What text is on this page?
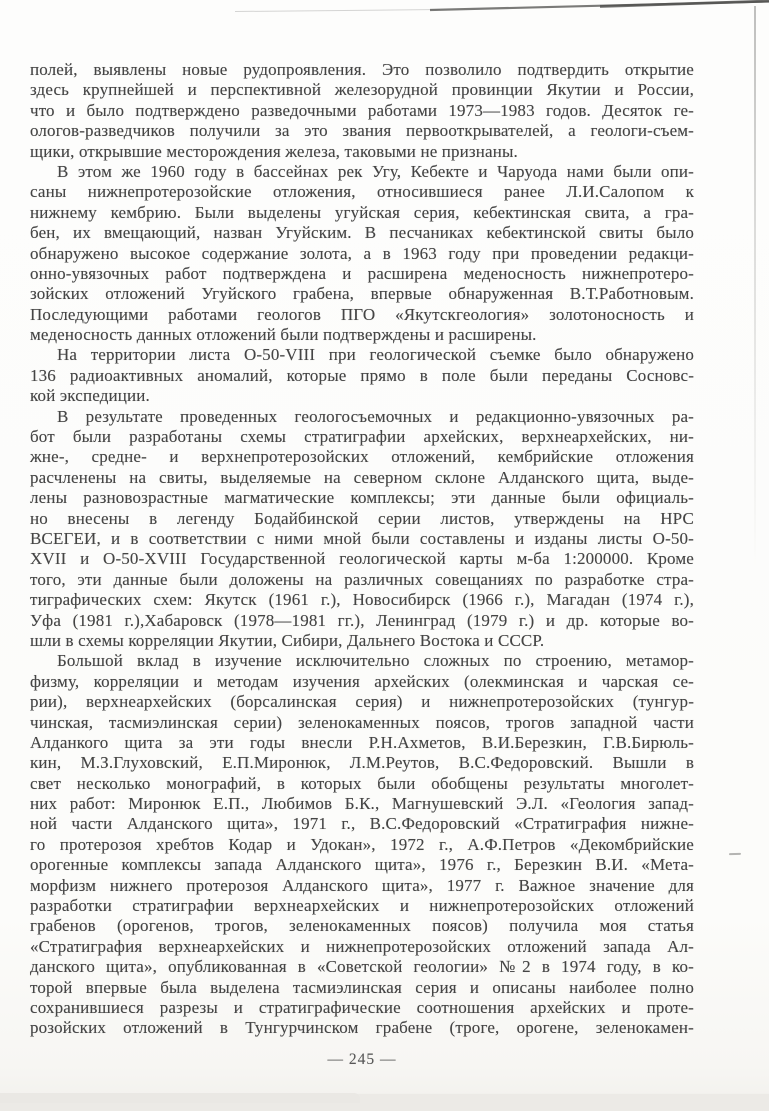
полей, выявлены новые рудопроявления. Это позволило подтвердить открытие
здесь крупнейшей и перспективной железорудной провинции Якутии и России,
что и было подтверждено разведочными работами 1973—1983 годов. Десяток ге-
ологов-разведчиков получили за это звания первооткрывателей, а геологи-съем-
щики, открывшие месторождения железа, таковыми не признаны.
В этом же 1960 году в бассейнах рек Угу, Кебекте и Чаруода нами были опи-
саны нижнепротерозойские отложения, относившиеся ранее Л.И.Салопом к
нижнему кембрию. Были выделены угуйская серия, кебектинская свита, а гра-
бен, их вмещающий, назван Угуйским. В песчаниках кебектинской свиты было
обнаружено высокое содержание золота, а в 1963 году при проведении редакци-
онно-увязочных работ подтверждена и расширена меденосность нижнепротеро-
зойских отложений Угуйского грабена, впервые обнаруженная В.Т.Работновым.
Последующими работами геологов ПГО «Якутскгеология» золотоносность и
меденосность данных отложений были подтверждены и расширены.
На территории листа О-50-VIII при геологической съемке было обнаружено
136 радиоактивных аномалий, которые прямо в поле были переданы Сосновс-
кой экспедиции.
В результате проведенных геологосъемочных и редакционно-увязочных ра-
бот были разработаны схемы стратиграфии архейских, верхнеархейских, ни-
жне-, средне- и верхнепротерозойских отложений, кембрийские отложения
расчленены на свиты, выделяемые на северном склоне Алданского щита, выде-
лены разновозрастные магматические комплексы; эти данные были официаль-
но внесены в легенду Бодайбинской серии листов, утверждены на НРС
ВСЕГЕИ, и в соответствии с ними мной были составлены и изданы листы О-50-
XVII и О-50-XVIII Государственной геологической карты м-ба 1:200000. Кроме
того, эти данные были доложены на различных совещаниях по разработке стра-
тиграфических схем: Якутск (1961 г.), Новосибирск (1966 г.), Магадан (1974 г.),
Уфа (1981 г.),Хабаровск (1978—1981 гг.), Ленинград (1979 г.) и др. которые во-
шли в схемы корреляции Якутии, Сибири, Дальнего Востока и СССР.
Большой вклад в изучение исключительно сложных по строению, метамор-
физму, корреляции и методам изучения архейских (олекминская и чарская се-
рии), верхнеархейских (борсалинская серия) и нижнепротерозойских (тунгур-
чинская, тасмиэлинская серии) зеленокаменных поясов, трогов западной части
Алданкого щита за эти годы внесли Р.Н.Ахметов, В.И.Березкин, Г.В.Бирюль-
кин, М.З.Глуховский, Е.П.Миронюк, Л.М.Реутов, В.С.Федоровский. Вышли в
свет несколько монографий, в которых были обобщены результаты многолет-
них работ: Миронюк Е.П., Любимов Б.К., Магнушевский Э.Л. «Геология запад-
ной части Алданского щита», 1971 г., В.С.Федоровский «Стратиграфия нижне-
го протерозоя хребтов Кодар и Удокан», 1972 г., А.Ф.Петров «Декомбрийские
орогенные комплексы запада Алданского щита», 1976 г., Березкин В.И. «Мета-
морфизм нижнего протерозоя Алданского щита», 1977 г. Важное значение для
разработки стратиграфии верхнеархейских и нижнепротерозойских отложений
грабенов (орогенов, трогов, зеленокаменных поясов) получила моя статья
«Стратиграфия верхнеархейских и нижнепротерозойских отложений запада Ал-
данского щита», опубликованная в «Советской геологии» №2 в 1974 году, в ко-
торой впервые была выделена тасмиэлинская серия и описаны наиболее полно
сохранившиеся разрезы и стратиграфические соотношения архейских и проте-
розойских отложений в Тунгурчинском грабене (троге, орогене, зеленокамен-
— 245 —
